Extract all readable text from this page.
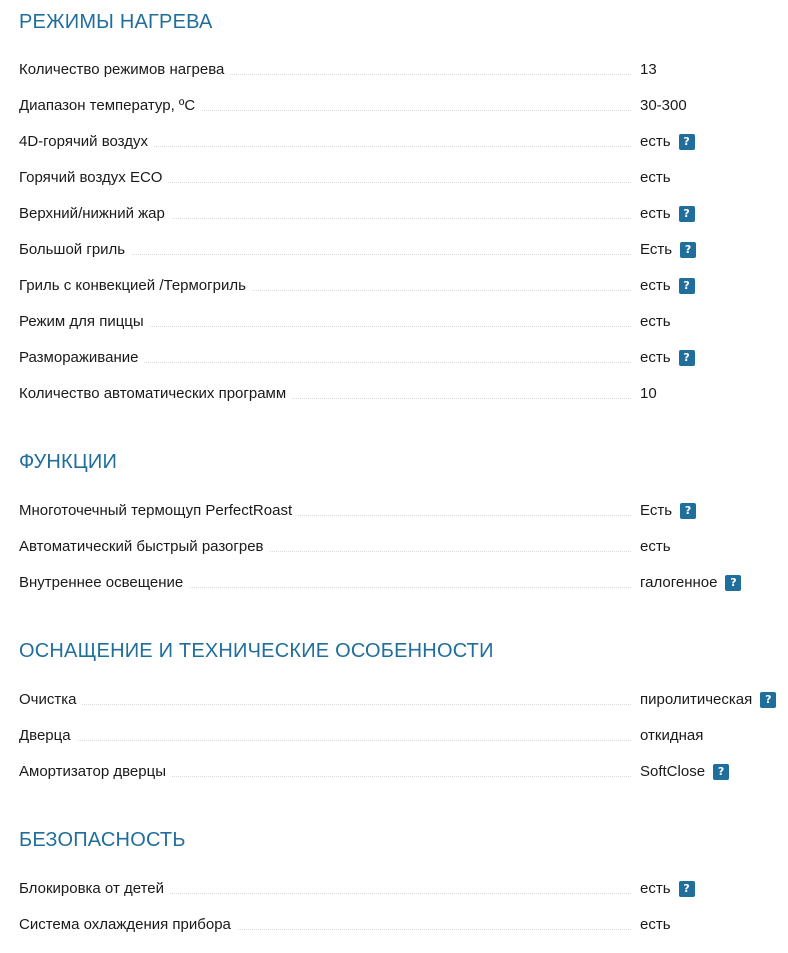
РЕЖИМЫ НАГРЕВА
Количество режимов нагрева	13
Диапазон температур, ºC	30-300
4D-горячий воздух	есть	?
Горячий воздух ECO	есть
Верхний/нижний жар	есть	?
Большой гриль	Есть	?
Гриль с конвекцией /Термогриль	есть	?
Режим для пиццы	есть
Размораживание	есть	?
Количество автоматических программ	10
ФУНКЦИИ
Многоточечный термощуп PerfectRoast	Есть	?
Автоматический быстрый разогрев	есть
Внутреннее освещение	галогенное	?
ОСНАЩЕНИЕ И ТЕХНИЧЕСКИЕ ОСОБЕННОСТИ
Очистка	пиролитическая	?
Дверца	откидная
Амортизатор дверцы	SoftClose	?
БЕЗОПАСНОСТЬ
Блокировка от детей	есть	?
Система охлаждения прибора	есть
